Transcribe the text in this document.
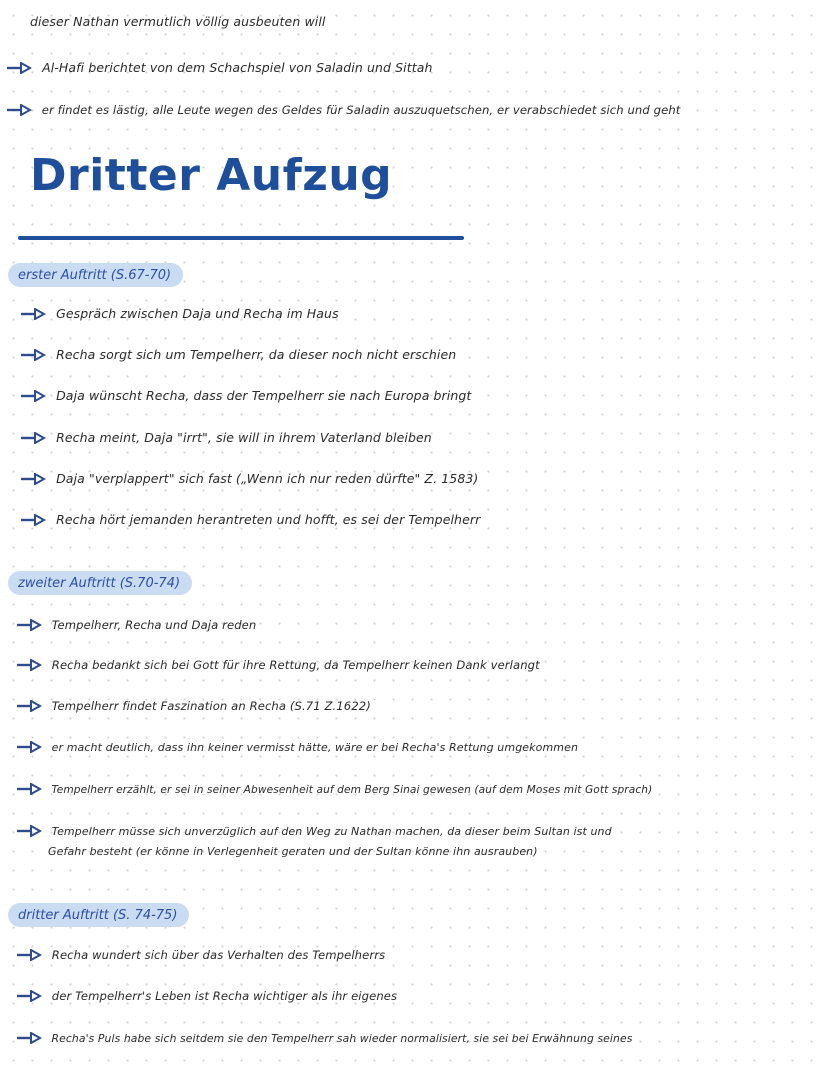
dieser Nathan vermutlich völlig ausbeuten will
Al-Hafi berichtet von dem Schachspiel von Saladin und Sittah
er findet es lästig, alle Leute wegen des Geldes für Saladin auszuquetschen, er verabschiedet sich und geht
Dritter Aufzug
erster Auftritt (S.67-70)
Gespräch zwischen Daja und Recha im Haus
Recha sorgt sich um Tempelherr, da dieser noch nicht erschien
Daja wünscht Recha, dass der Tempelherr sie nach Europa bringt
Recha meint, Daja "irrt", sie will in ihrem Vaterland bleiben
Daja "verplappert" sich fast („Wenn ich nur reden dürfte" Z. 1583)
Recha hört jemanden herantreten und hofft, es sei der Tempelherr
zweiter Auftritt (S.70-74)
Tempelherr, Recha und Daja reden
Recha bedankt sich bei Gott für ihre Rettung, da Tempelherr keinen Dank verlangt
Tempelherr findet Faszination an Recha (S.71 Z.1622)
er macht deutlich, dass ihn keiner vermisst hätte, wäre er bei Recha's Rettung umgekommen
Tempelherr erzählt, er sei in seiner Abwesenheit auf dem Berg Sinai gewesen (auf dem Moses mit Gott sprach)
Tempelherr müsse sich unverzüglich auf den Weg zu Nathan machen, da dieser beim Sultan ist und
Gefahr besteht (er könne in Verlegenheit geraten und der Sultan könne ihn ausrauben)
dritter Auftritt (S. 74-75)
Recha wundert sich über das Verhalten des Tempelherrs
der Tempelherr's Leben ist Recha wichtiger als ihr eigenes
Recha's Puls habe sich seitdem sie den Tempelherr sah wieder normalisiert, sie sei bei Erwähnung seines
